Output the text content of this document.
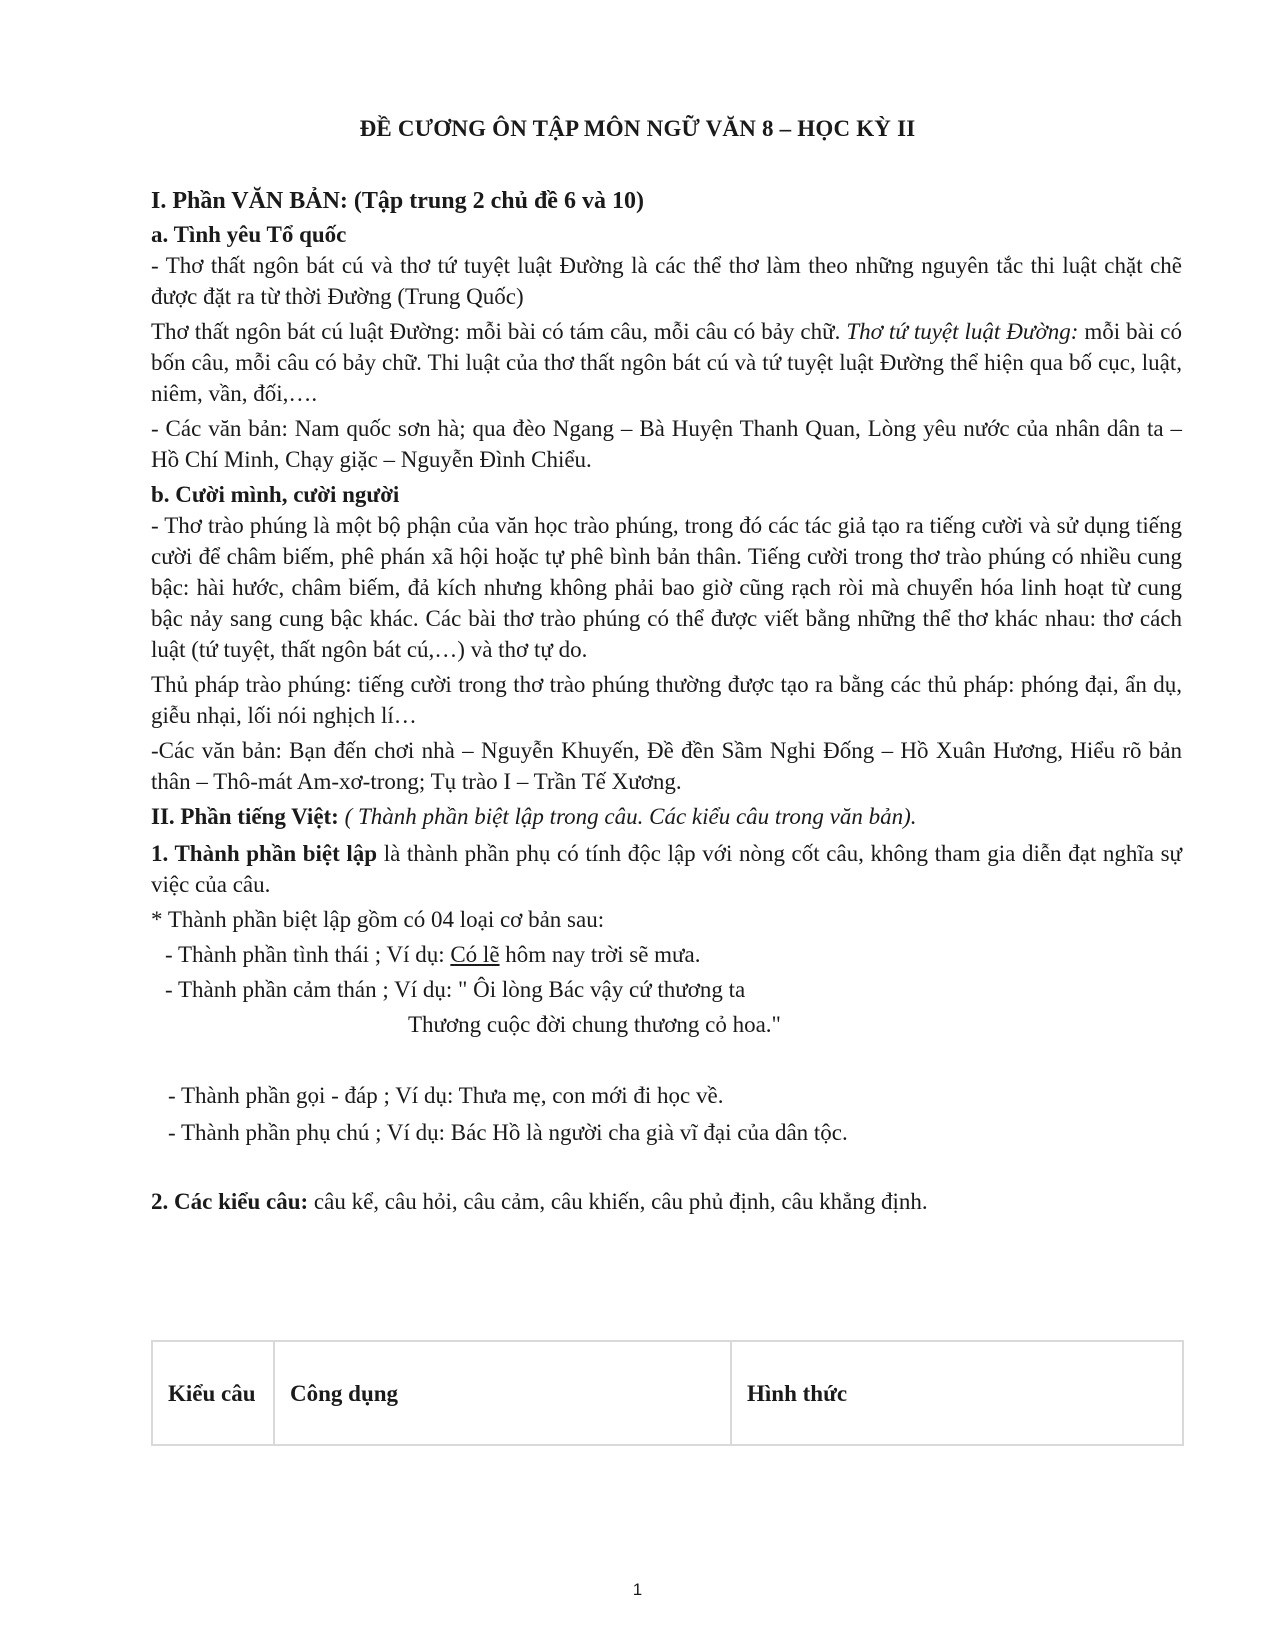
ĐỀ CƯƠNG ÔN TẬP MÔN NGỮ VĂN 8 – HỌC KỲ II

I. Phần VĂN BẢN: (Tập trung 2 chủ đề 6 và 10)

a. Tình yêu Tổ quốc

- Thơ thất ngôn bát cú và thơ tứ tuyệt luật Đường là các thể thơ làm theo những nguyên tắc thi luật chặt chẽ được đặt ra từ thời Đường (Trung Quốc)

Thơ thất ngôn bát cú luật Đường: mỗi bài có tám câu, mỗi câu có bảy chữ. Thơ tứ tuyệt luật Đường: mỗi bài có bốn câu, mỗi câu có bảy chữ. Thi luật của thơ thất ngôn bát cú và tứ tuyệt luật Đường thể hiện qua bố cục, luật, niêm, vần, đối,….

- Các văn bản: Nam quốc sơn hà; qua đèo Ngang – Bà Huyện Thanh Quan, Lòng yêu nước của nhân dân ta – Hồ Chí Minh, Chạy giặc – Nguyễn Đình Chiểu.

b. Cười mình, cười người

- Thơ trào phúng là một bộ phận của văn học trào phúng, trong đó các tác giả tạo ra tiếng cười và sử dụng tiếng cười để châm biếm, phê phán xã hội hoặc tự phê bình bản thân. Tiếng cười trong thơ trào phúng có nhiều cung bậc: hài hước, châm biếm, đả kích nhưng không phải bao giờ cũng rạch ròi mà chuyển hóa linh hoạt từ cung bậc nảy sang cung bậc khác. Các bài thơ trào phúng có thể được viết bằng những thể thơ khác nhau: thơ cách luật (tứ tuyệt, thất ngôn bát cú,…) và thơ tự do.

Thủ pháp trào phúng: tiếng cười trong thơ trào phúng thường được tạo ra bằng các thủ pháp: phóng đại, ẩn dụ, giễu nhại, lối nói nghịch lí…

-Các văn bản: Bạn đến chơi nhà – Nguyễn Khuyến, Đề đền Sầm Nghi Đống – Hồ Xuân Hương, Hiểu rõ bản thân – Thô-mát Am-xơ-trong; Tụ trào I – Trần Tế Xương.

II. Phần tiếng Việt: ( Thành phần biệt lập trong câu. Các kiểu câu trong văn bản).

1. Thành phần biệt lập là thành phần phụ có tính độc lập với nòng cốt câu, không tham gia diễn đạt nghĩa sự việc của câu.

* Thành phần biệt lập gồm có 04 loại cơ bản sau:

- Thành phần tình thái ; Ví dụ: Có lẽ hôm nay trời sẽ mưa.

- Thành phần cảm thán ; Ví dụ: " Ôi lòng Bác vậy cứ thương ta

Thương cuộc đời chung thương cỏ hoa."

- Thành phần gọi - đáp ; Ví dụ: Thưa mẹ, con mới đi học về.

- Thành phần phụ chú ; Ví dụ: Bác Hồ là người cha già vĩ đại của dân tộc.

2. Các kiểu câu: câu kể, câu hỏi, câu cảm, câu khiến, câu phủ định, câu khẳng định.

Kiểu câu	Công dụng	Hình thức
1
